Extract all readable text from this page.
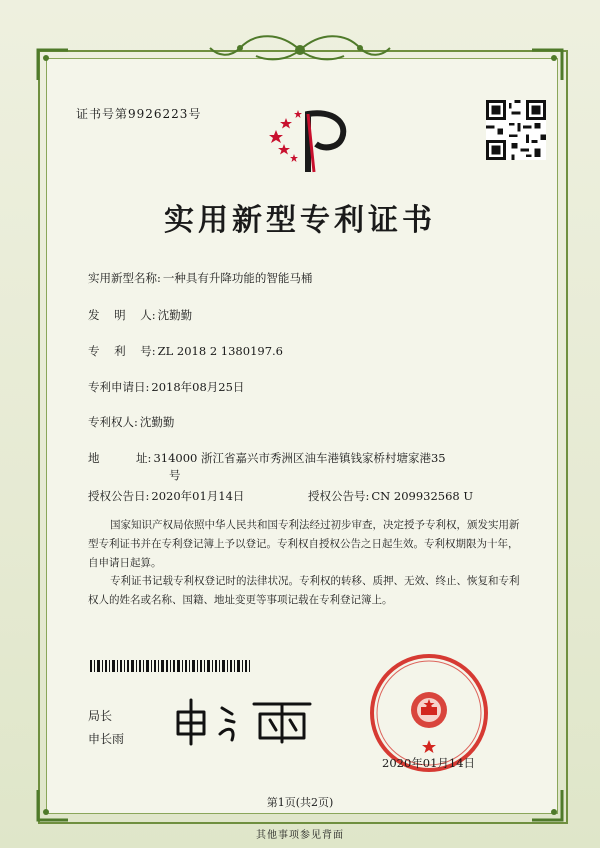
证书号第9926223号
实用新型专利证书
实用新型名称: 一种具有升降功能的智能马桶
发    明    人: 沈勤勤
专    利    号: ZL 2018 2 1380197.6
专利申请日: 2018年08月25日
专利权人: 沈勤勤
地          址: 314000 浙江省嘉兴市秀洲区油车港镇钱家桥村塘家港35
号
授权公告日: 2020年01月14日	授权公告号: CN 209932568 U
国家知识产权局依照中华人民共和国专利法经过初步审查，决定授予专利权，颁发实用新型专利证书并在专利登记簿上予以登记。专利权自授权公告之日起生效。专利权期限为十年，自申请日起算。
专利证书记载专利权登记时的法律状况。专利权的转移、质押、无效、终止、恢复和专利权人的姓名或名称、国籍、地址变更等事项记载在专利登记簿上。
局长
申长雨
2020年01月14日
第1页(共2页)
其他事项参见背面
